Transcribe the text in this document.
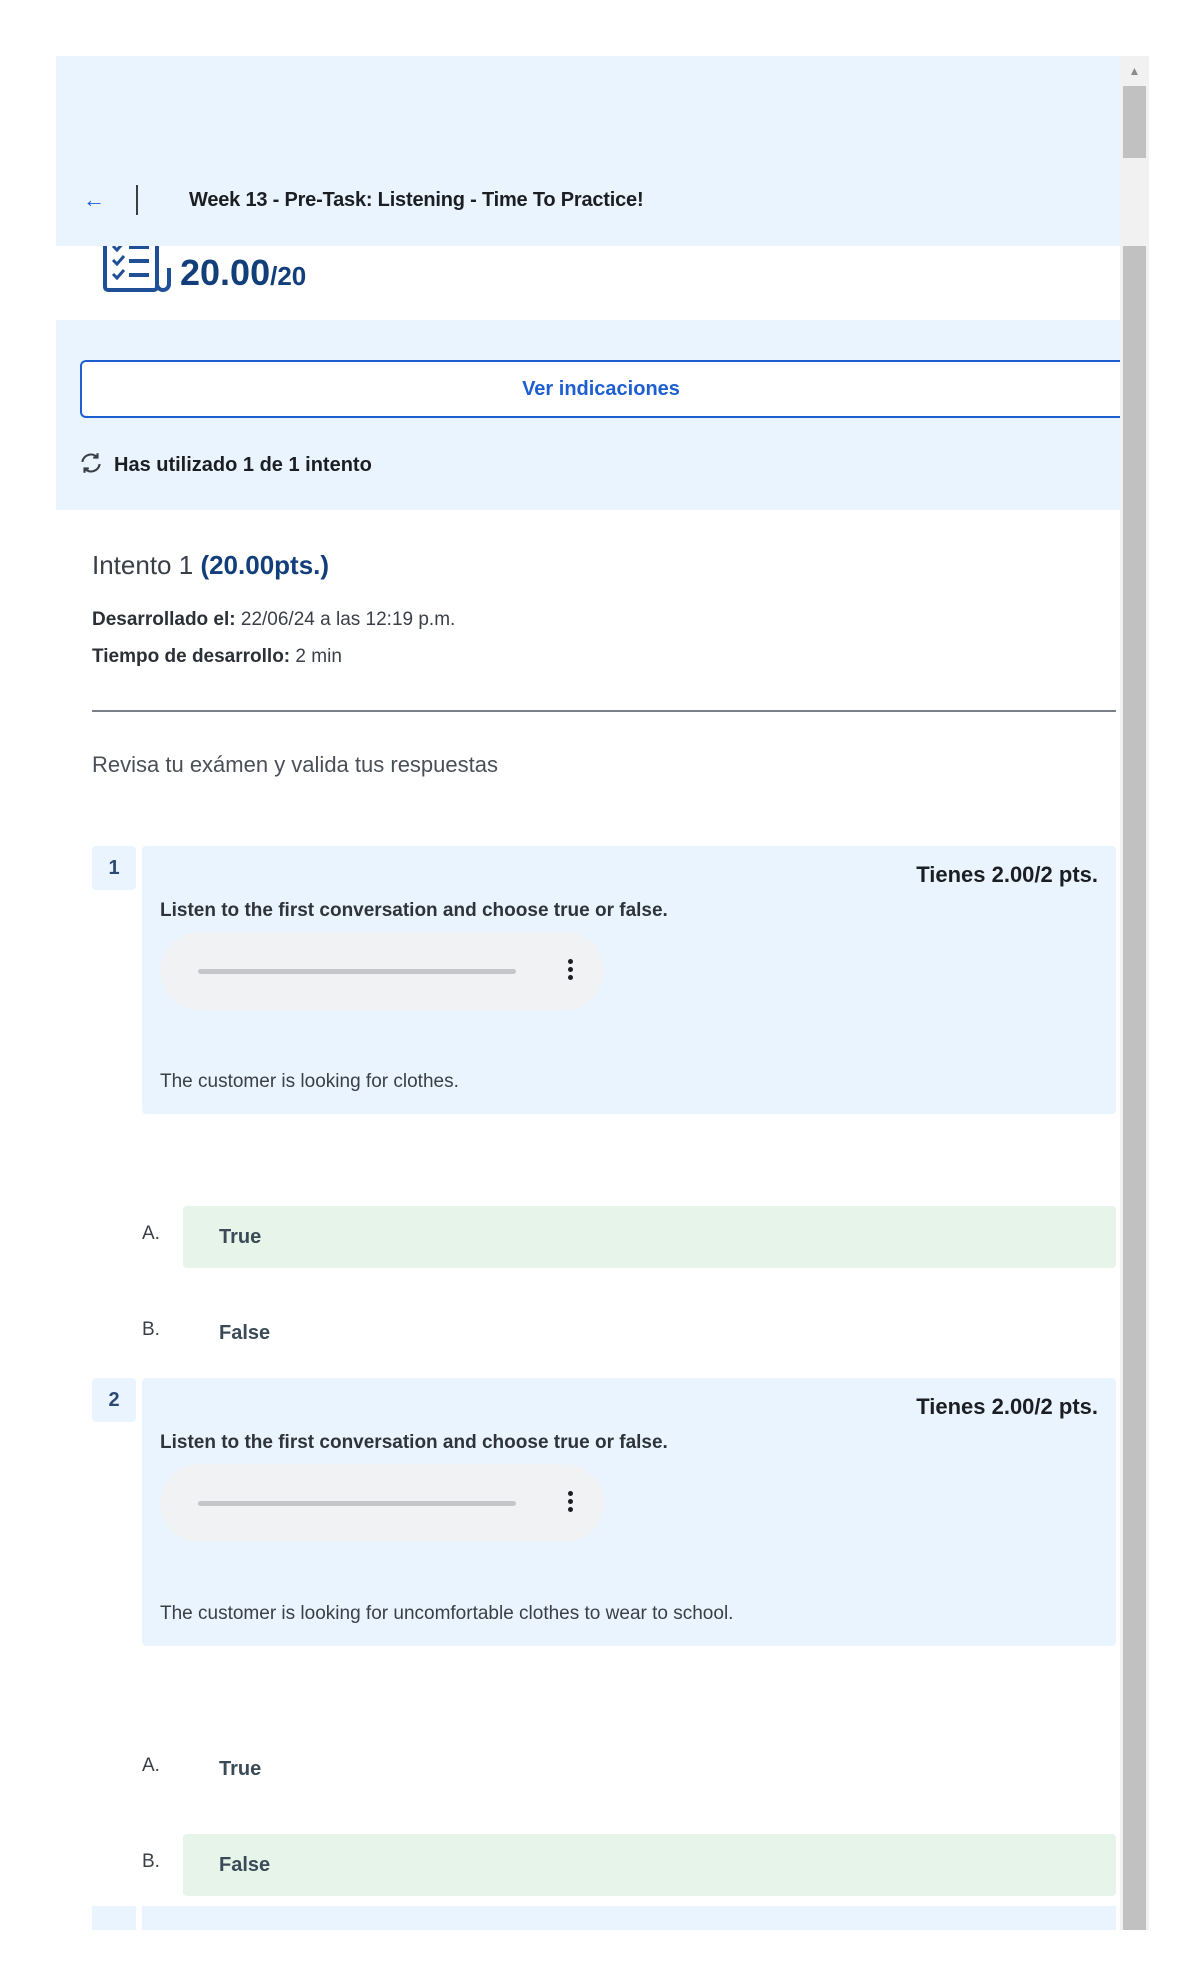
←	Week 13 - Pre-Task: Listening - Time To Practice!
20.00/20
Ver indicaciones
Has utilizado 1 de 1 intento
Intento 1 (20.00pts.)
Desarrollado el: 22/06/24 a las 12:19 p.m.
Tiempo de desarrollo: 2 min
Revisa tu exámen y valida tus respuestas
1	Tienes 2.00/2 pts.
Listen to the first conversation and choose true or false.
The customer is looking for clothes.
A.	True
B.	False
2	Tienes 2.00/2 pts.
Listen to the first conversation and choose true or false.
The customer is looking for uncomfortable clothes to wear to school.
A.	True
B.	False
▲
